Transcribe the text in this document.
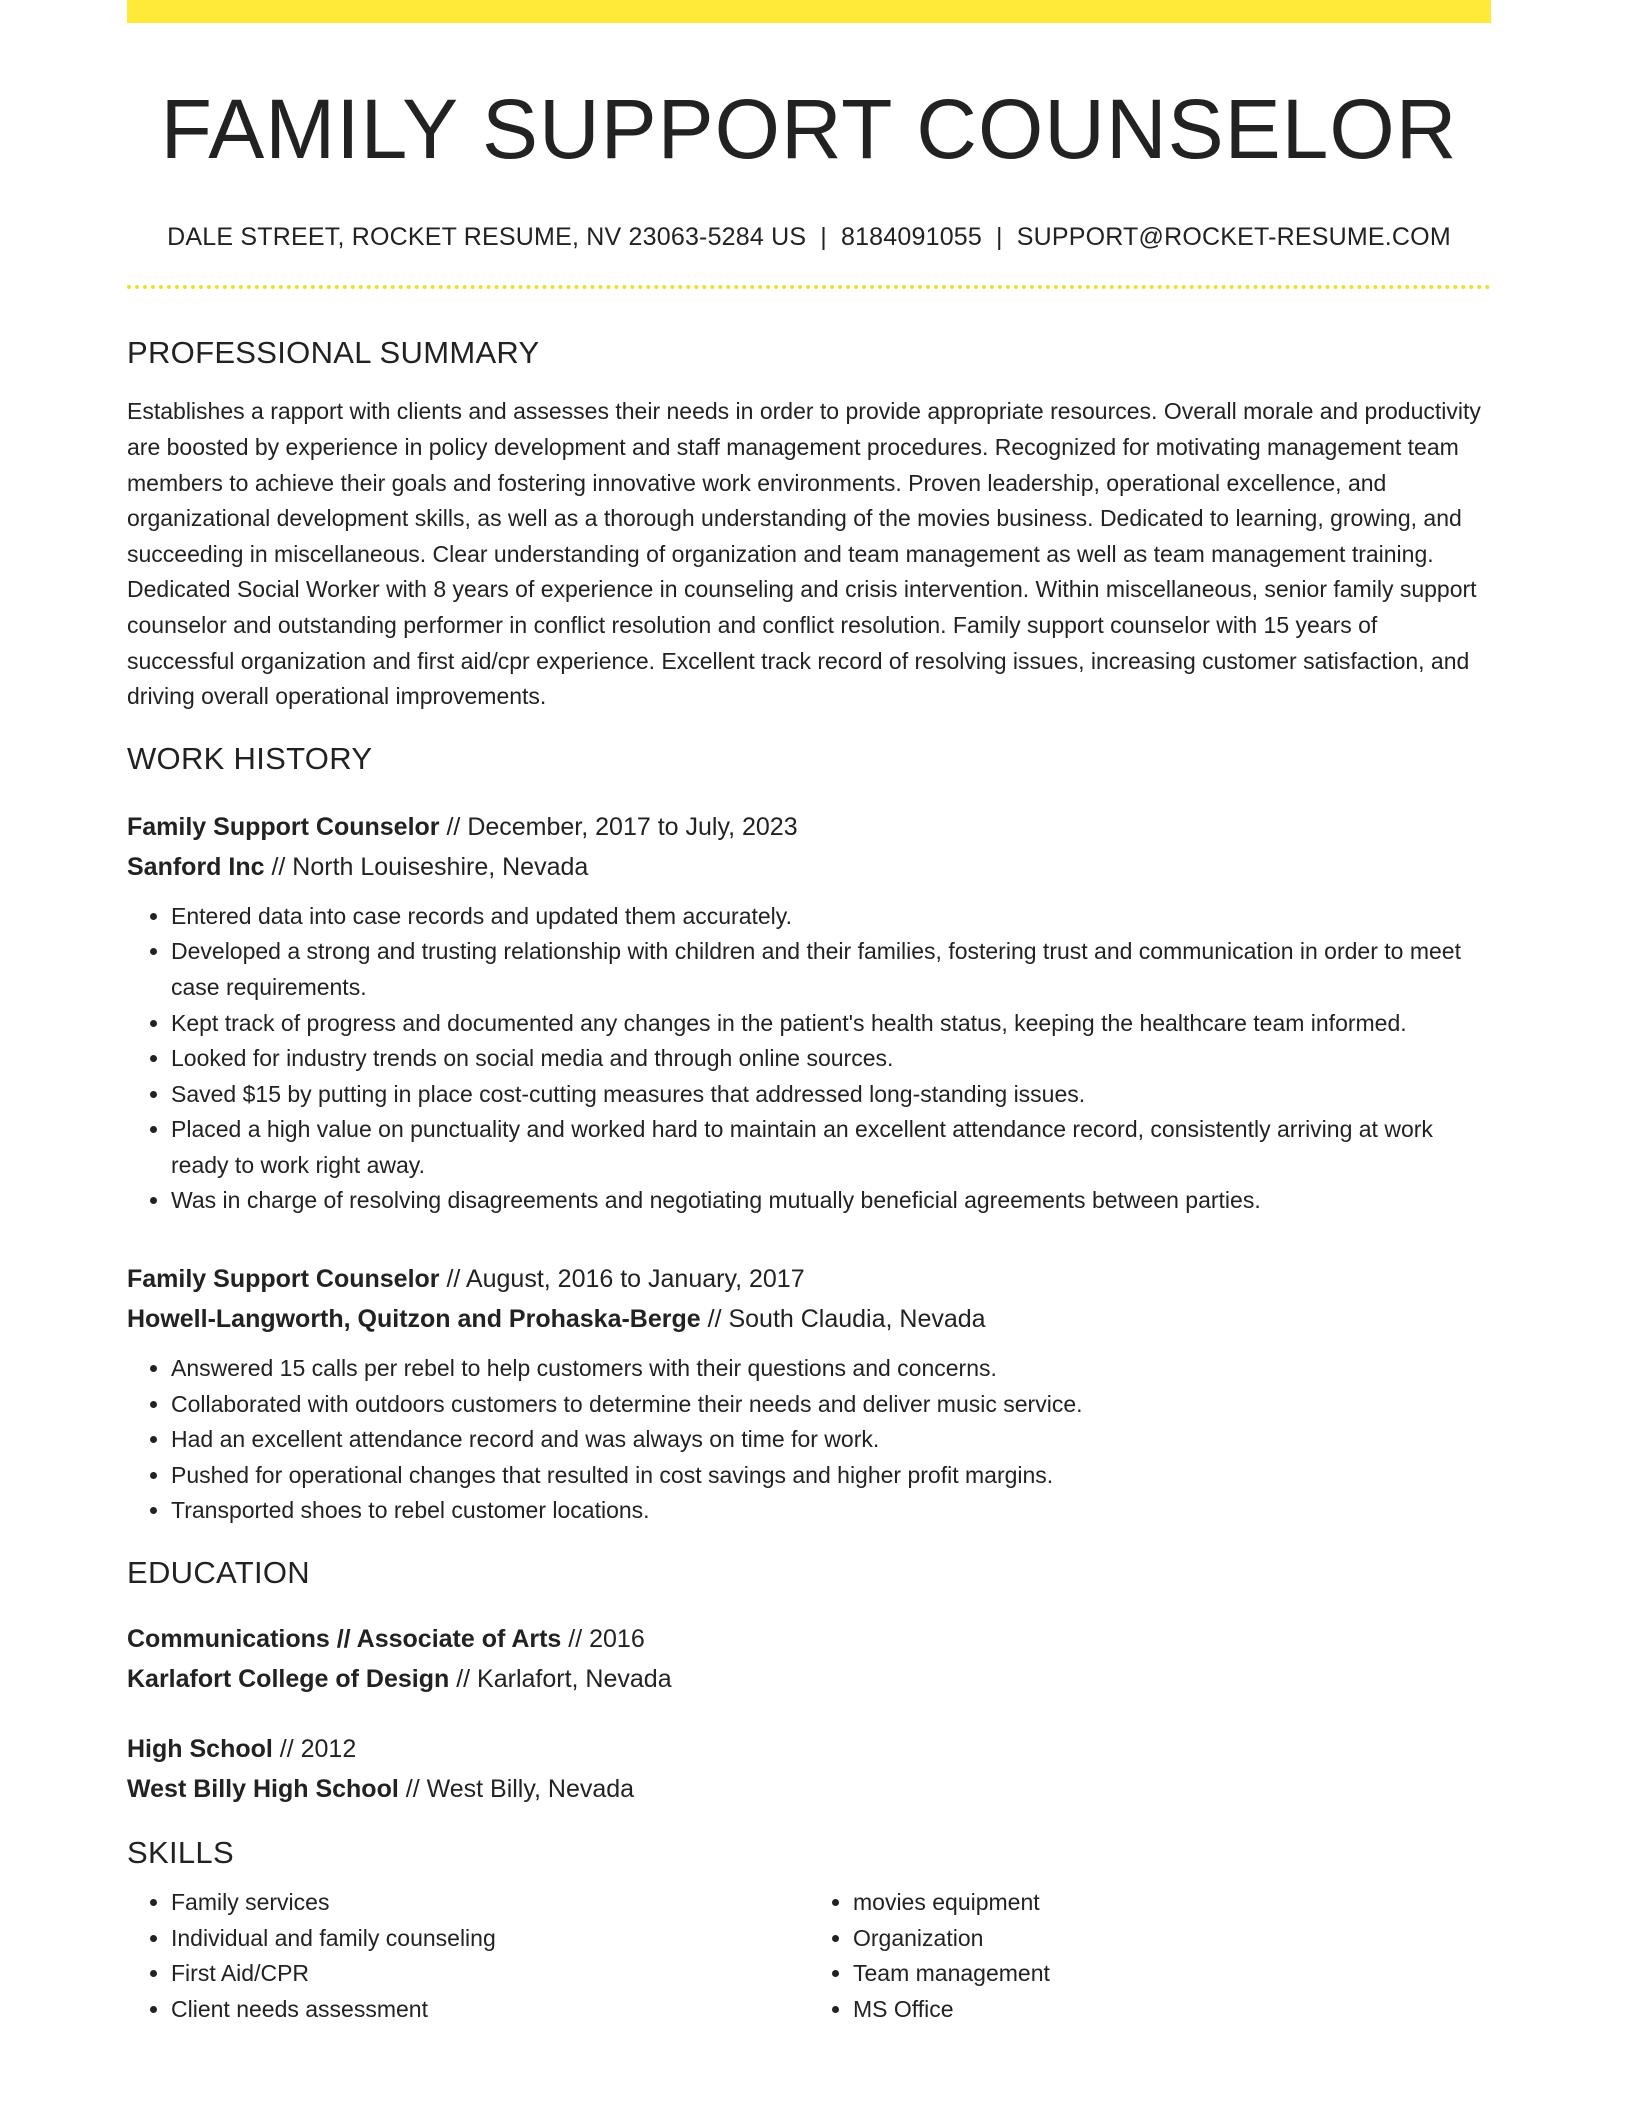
FAMILY SUPPORT COUNSELOR
DALE STREET, ROCKET RESUME, NV 23063-5284 US | 8184091055 | SUPPORT@ROCKET-RESUME.COM
PROFESSIONAL SUMMARY
Establishes a rapport with clients and assesses their needs in order to provide appropriate resources. Overall morale and productivity are boosted by experience in policy development and staff management procedures. Recognized for motivating management team members to achieve their goals and fostering innovative work environments. Proven leadership, operational excellence, and organizational development skills, as well as a thorough understanding of the movies business. Dedicated to learning, growing, and succeeding in miscellaneous. Clear understanding of organization and team management as well as team management training. Dedicated Social Worker with 8 years of experience in counseling and crisis intervention. Within miscellaneous, senior family support counselor and outstanding performer in conflict resolution and conflict resolution. Family support counselor with 15 years of successful organization and first aid/cpr experience. Excellent track record of resolving issues, increasing customer satisfaction, and driving overall operational improvements.
WORK HISTORY
Family Support Counselor // December, 2017 to July, 2023
Sanford Inc // North Louiseshire, Nevada
• Entered data into case records and updated them accurately.
• Developed a strong and trusting relationship with children and their families, fostering trust and communication in order to meet case requirements.
• Kept track of progress and documented any changes in the patient's health status, keeping the healthcare team informed.
• Looked for industry trends on social media and through online sources.
• Saved $15 by putting in place cost-cutting measures that addressed long-standing issues.
• Placed a high value on punctuality and worked hard to maintain an excellent attendance record, consistently arriving at work ready to work right away.
• Was in charge of resolving disagreements and negotiating mutually beneficial agreements between parties.
Family Support Counselor // August, 2016 to January, 2017
Howell-Langworth, Quitzon and Prohaska-Berge // South Claudia, Nevada
• Answered 15 calls per rebel to help customers with their questions and concerns.
• Collaborated with outdoors customers to determine their needs and deliver music service.
• Had an excellent attendance record and was always on time for work.
• Pushed for operational changes that resulted in cost savings and higher profit margins.
• Transported shoes to rebel customer locations.
EDUCATION
Communications // Associate of Arts // 2016
Karlafort College of Design // Karlafort, Nevada
High School // 2012
West Billy High School // West Billy, Nevada
SKILLS
• Family services
• Individual and family counseling
• First Aid/CPR
• Client needs assessment
• movies equipment
• Organization
• Team management
• MS Office
